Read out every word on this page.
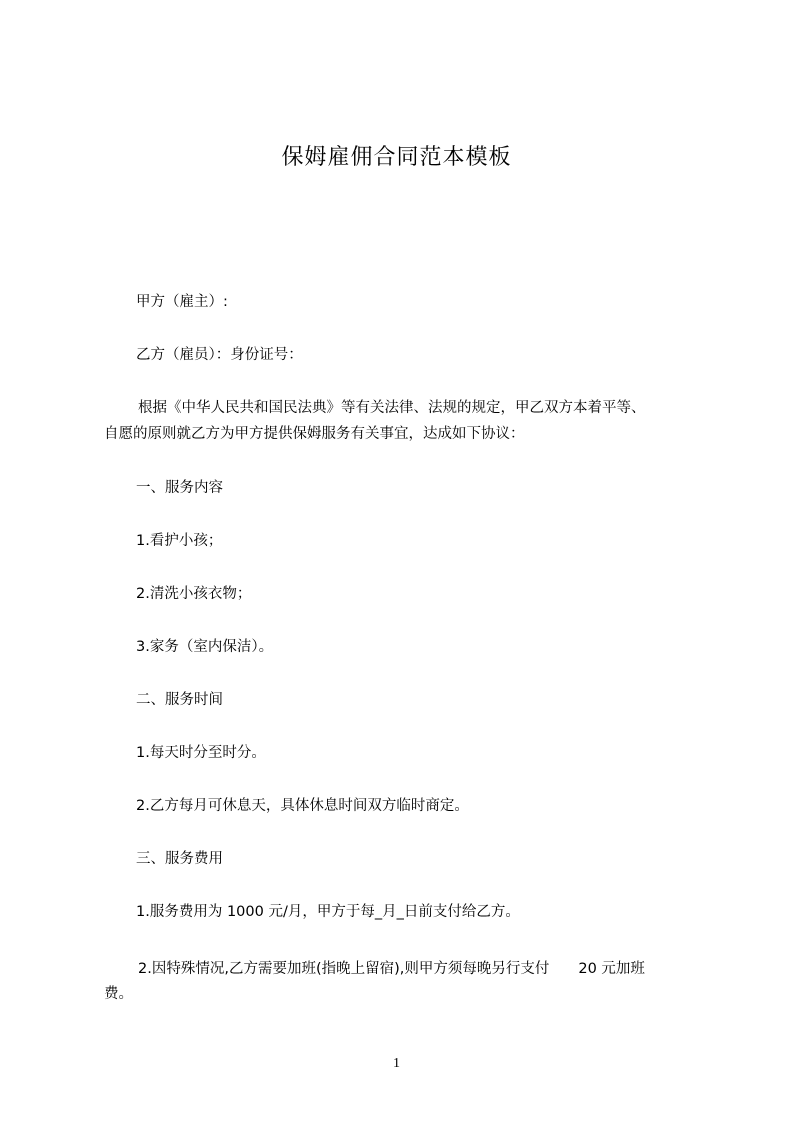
保姆雇佣合同范本模板
甲方（雇主）:
乙方（雇员）：身份证号：
根据《中华人民共和国民法典》等有关法律、法规的规定，甲乙双方本着平等、
自愿的原则就乙方为甲方提供保姆服务有关事宜，达成如下协议：
一、服务内容
1.看护小孩；
2.清洗小孩衣物；
3.家务（室内保洁）。
二、服务时间
1.每天时分至时分。
2.乙方每月可休息天，具体休息时间双方临时商定。
三、服务费用
1.服务费用为 1000 元/月，甲方于每_月_日前支付给乙方。
2.因特殊情况,乙方需要加班(指晚上留宿),则甲方须每晚另行支付　　20 元加班
费。
1
